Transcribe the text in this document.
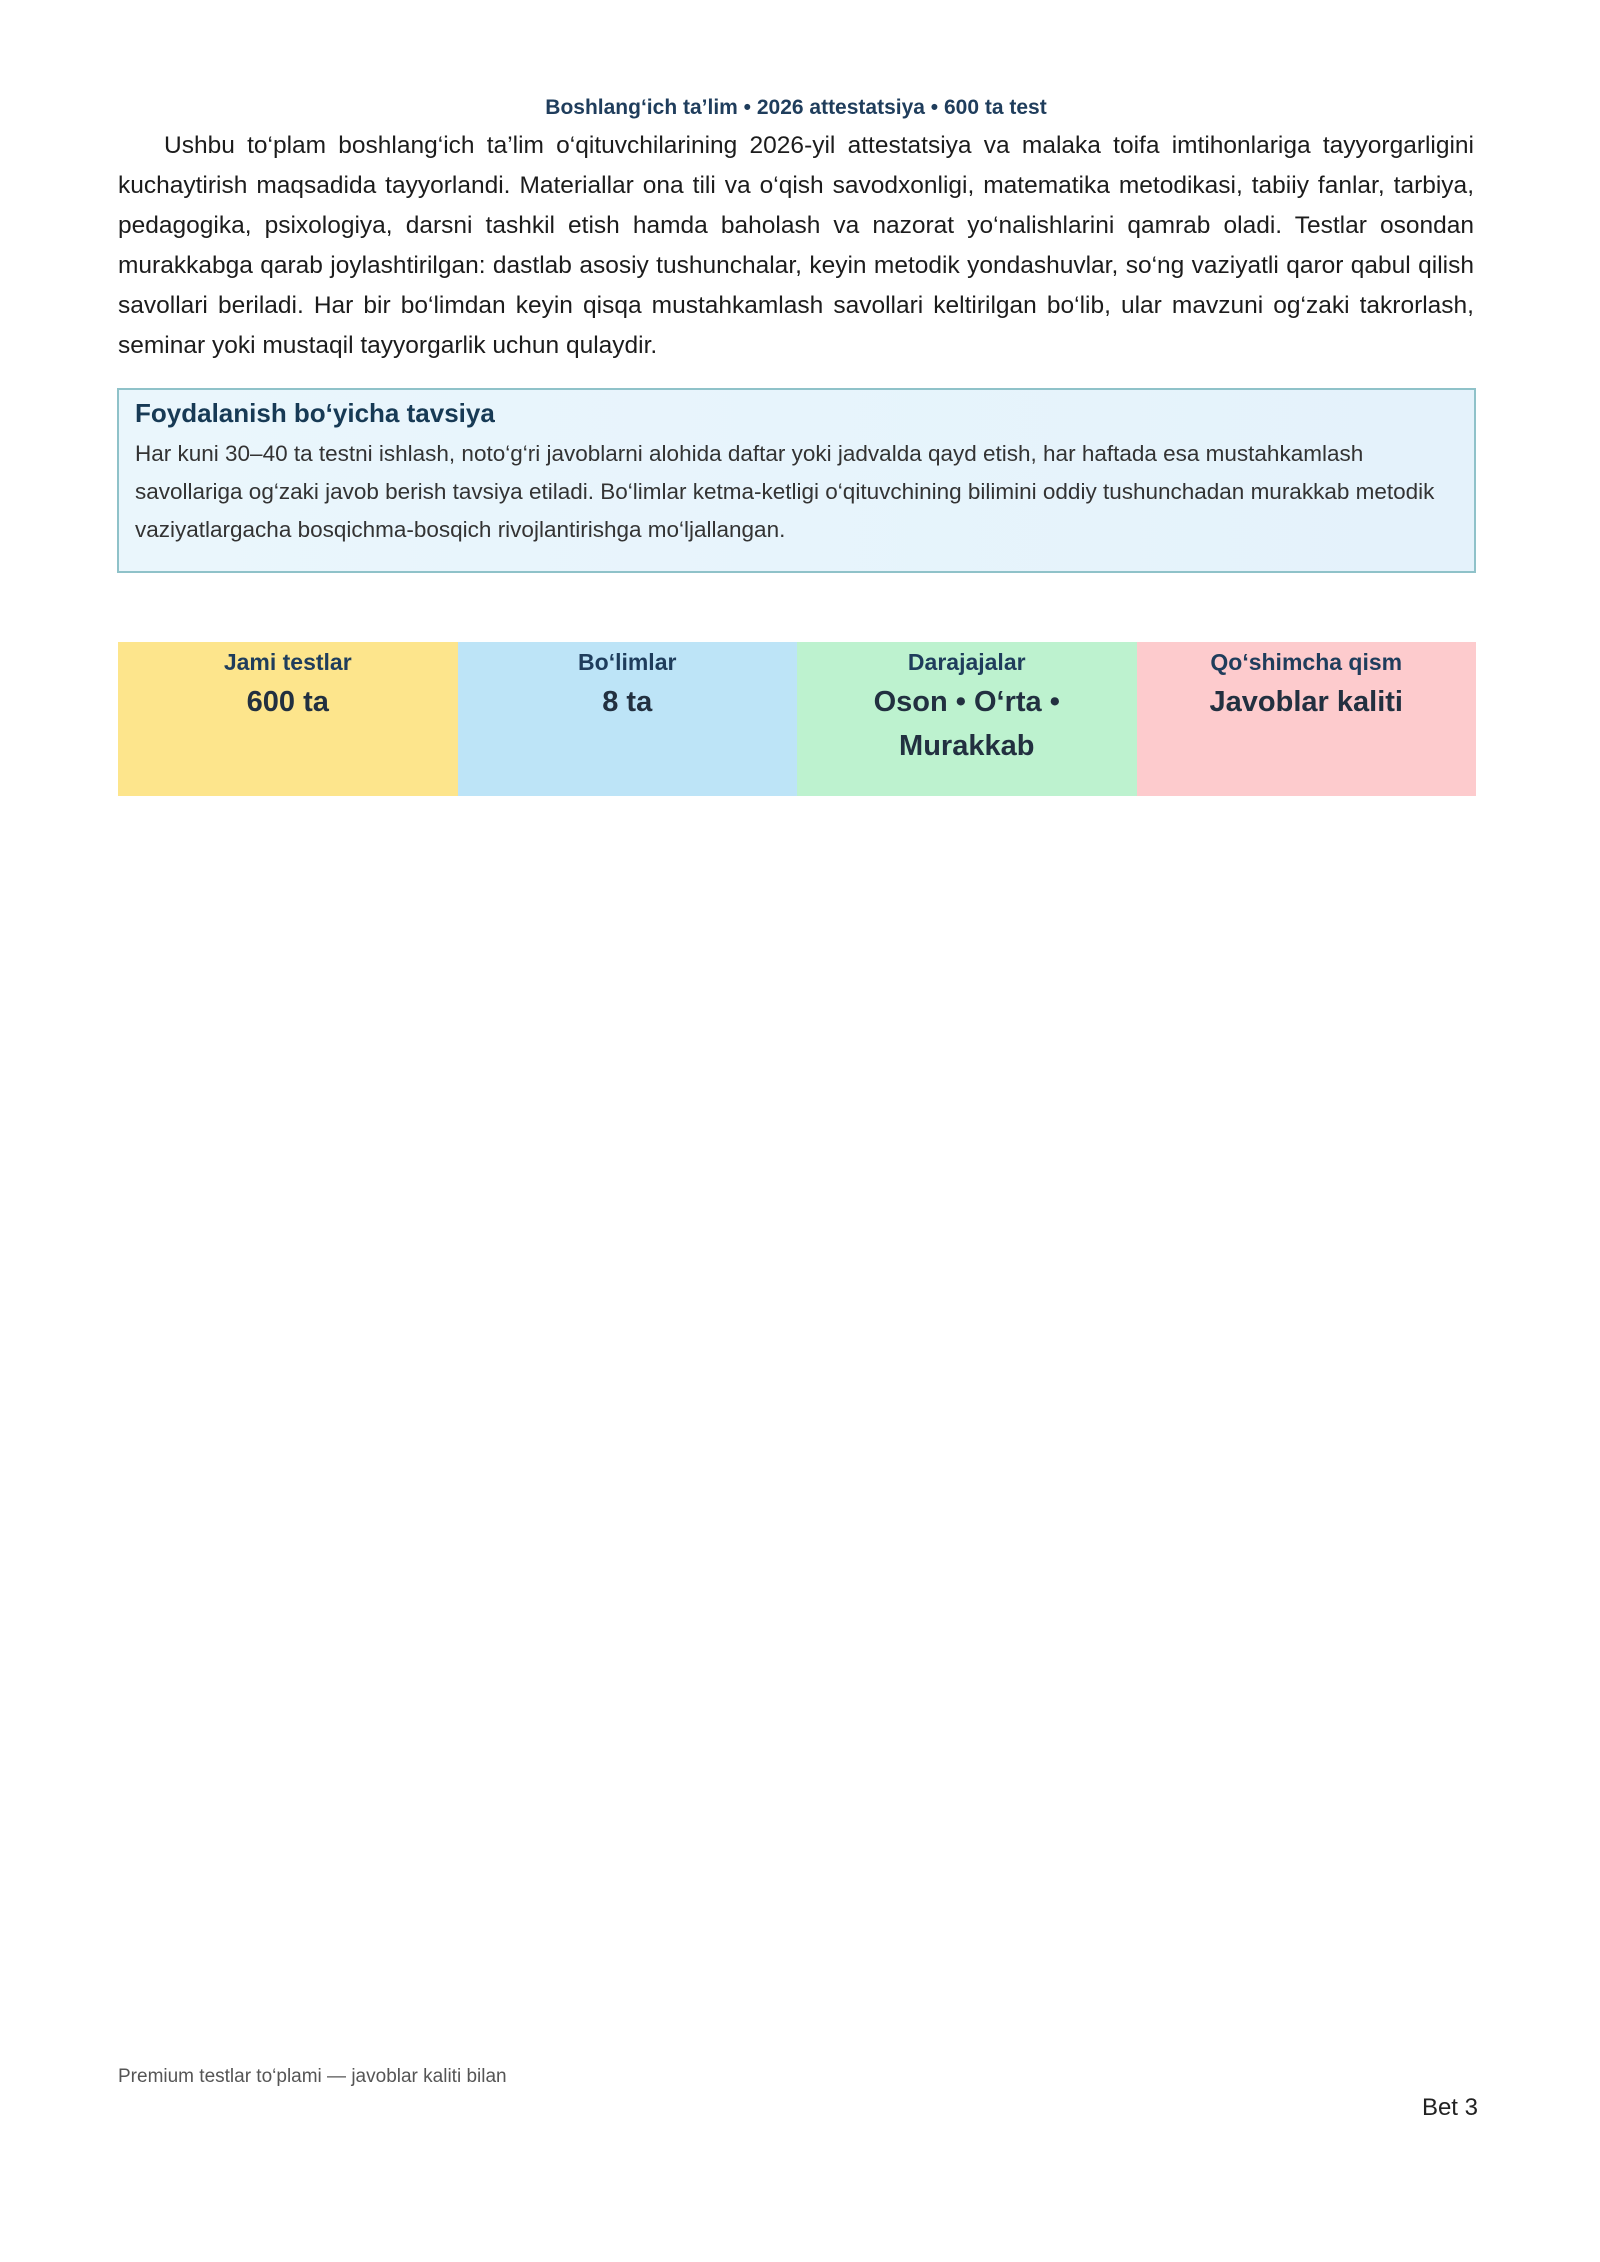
Boshlang‘ich ta’lim • 2026 attestatsiya • 600 ta test

Ushbu to‘plam boshlang‘ich ta’lim o‘qituvchilarining 2026-yil attestatsiya va malaka toifa imtihonlariga tayyorgarligini kuchaytirish maqsadida tayyorlandi. Materiallar ona tili va o‘qish savodxonligi, matematika metodikasi, tabiiy fanlar, tarbiya, pedagogika, psixologiya, darsni tashkil etish hamda baholash va nazorat yo‘nalishlarini qamrab oladi. Testlar osondan murakkabga qarab joylashtirilgan: dastlab asosiy tushunchalar, keyin metodik yondashuvlar, so‘ng vaziyatli qaror qabul qilish savollari beriladi. Har bir bo‘limdan keyin qisqa mustahkamlash savollari keltirilgan bo‘lib, ular mavzuni og‘zaki takrorlash, seminar yoki mustaqil tayyorgarlik uchun qulaydir.

Foydalanish bo‘yicha tavsiya

Har kuni 30–40 ta testni ishlash, noto‘g‘ri javoblarni alohida daftar yoki jadvalda qayd etish, har haftada esa mustahkamlash savollariga og‘zaki javob berish tavsiya etiladi. Bo‘limlar ketma-ketligi o‘qituvchining bilimini oddiy tushunchadan murakkab metodik vaziyatlargacha bosqichma-bosqich rivojlantirishga mo‘ljallangan.

Jami testlar
600 ta
Bo‘limlar
8 ta
Darajajalar
Oson • O‘rta • Murakkab
Qo‘shimcha qism
Javoblar kaliti
Premium testlar to‘plami — javoblar kaliti bilan
Bet 3
